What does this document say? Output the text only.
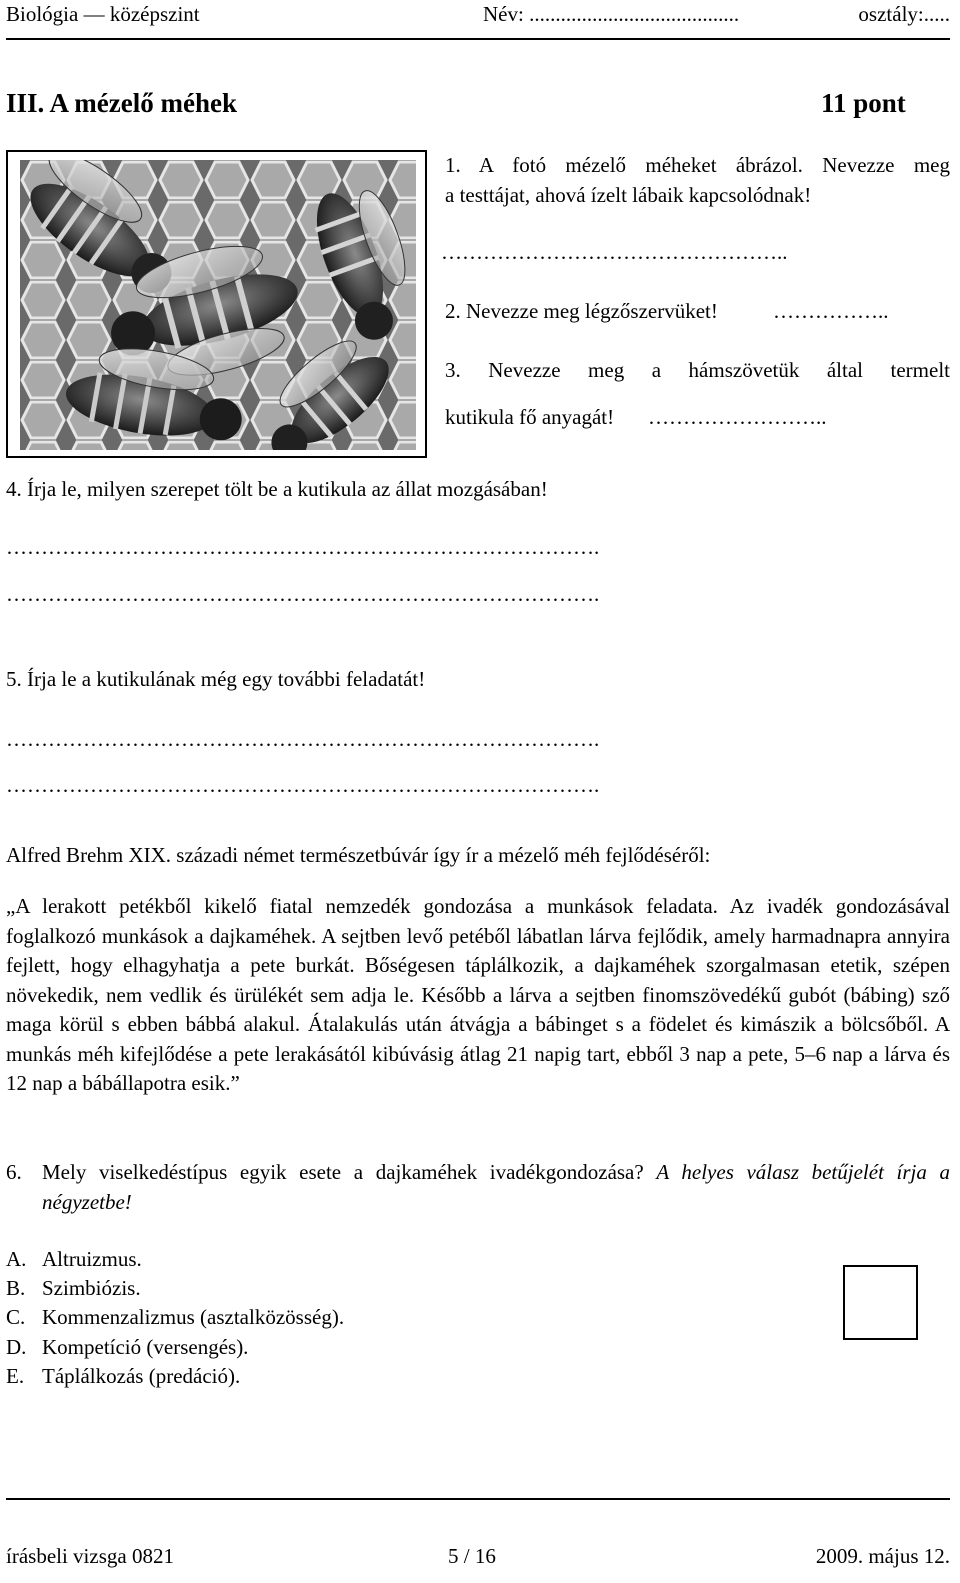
Biológia — középszint	Név: ........................................	osztály:.....
III. A mézelő méhek	11 pont
1. A fotó mézelő méheket ábrázol. Nevezze meg
a testtájat, ahová ízelt lábaik kapcsolódnak!
…………………………………………..
2. Nevezze meg légzőszervüket!	……………..
3. Nevezze meg a hámszövetük által termelt
kutikula fő anyagát! ……………………..
4. Írja le, milyen szerepet tölt be a kutikula az állat mozgásában!
………………………………………………………………………….
………………………………………………………………………….
5. Írja le a kutikulának még egy további feladatát!
………………………………………………………………………….
………………………………………………………………………….
Alfred Brehm XIX. századi német természetbúvár így ír a mézelő méh fejlődéséről:
„A lerakott petékből kikelő fiatal nemzedék gondozása a munkások feladata. Az ivadék gondozásával foglalkozó munkások a dajkaméhek. A sejtben levő petéből lábatlan lárva fejlődik, amely harmadnapra annyira fejlett, hogy elhagyhatja a pete burkát. Bőségesen táplálkozik, a dajkaméhek szorgalmasan etetik, szépen növekedik, nem vedlik és ürülékét sem adja le. Később a lárva a sejtben finomszövedékű gubót (bábing) sző maga körül s ebben bábbá alakul. Átalakulás után átvágja a bábinget s a födelet és kimászik a bölcsőből. A munkás méh kifejlődése a pete lerakásától kibúvásig átlag 21 napig tart, ebből 3 nap a pete, 5–6 nap a lárva és 12 nap a bábállapotra esik.”
6. Mely viselkedéstípus egyik esete a dajkaméhek ivadékgondozása? A helyes válasz betűjelét írja a négyzetbe!
A. Altruizmus.
B. Szimbiózis.
C. Kommenzalizmus (asztalközösség).
D. Kompetíció (versengés).
E. Táplálkozás (predáció).
írásbeli vizsga 0821	5 / 16	2009. május 12.
